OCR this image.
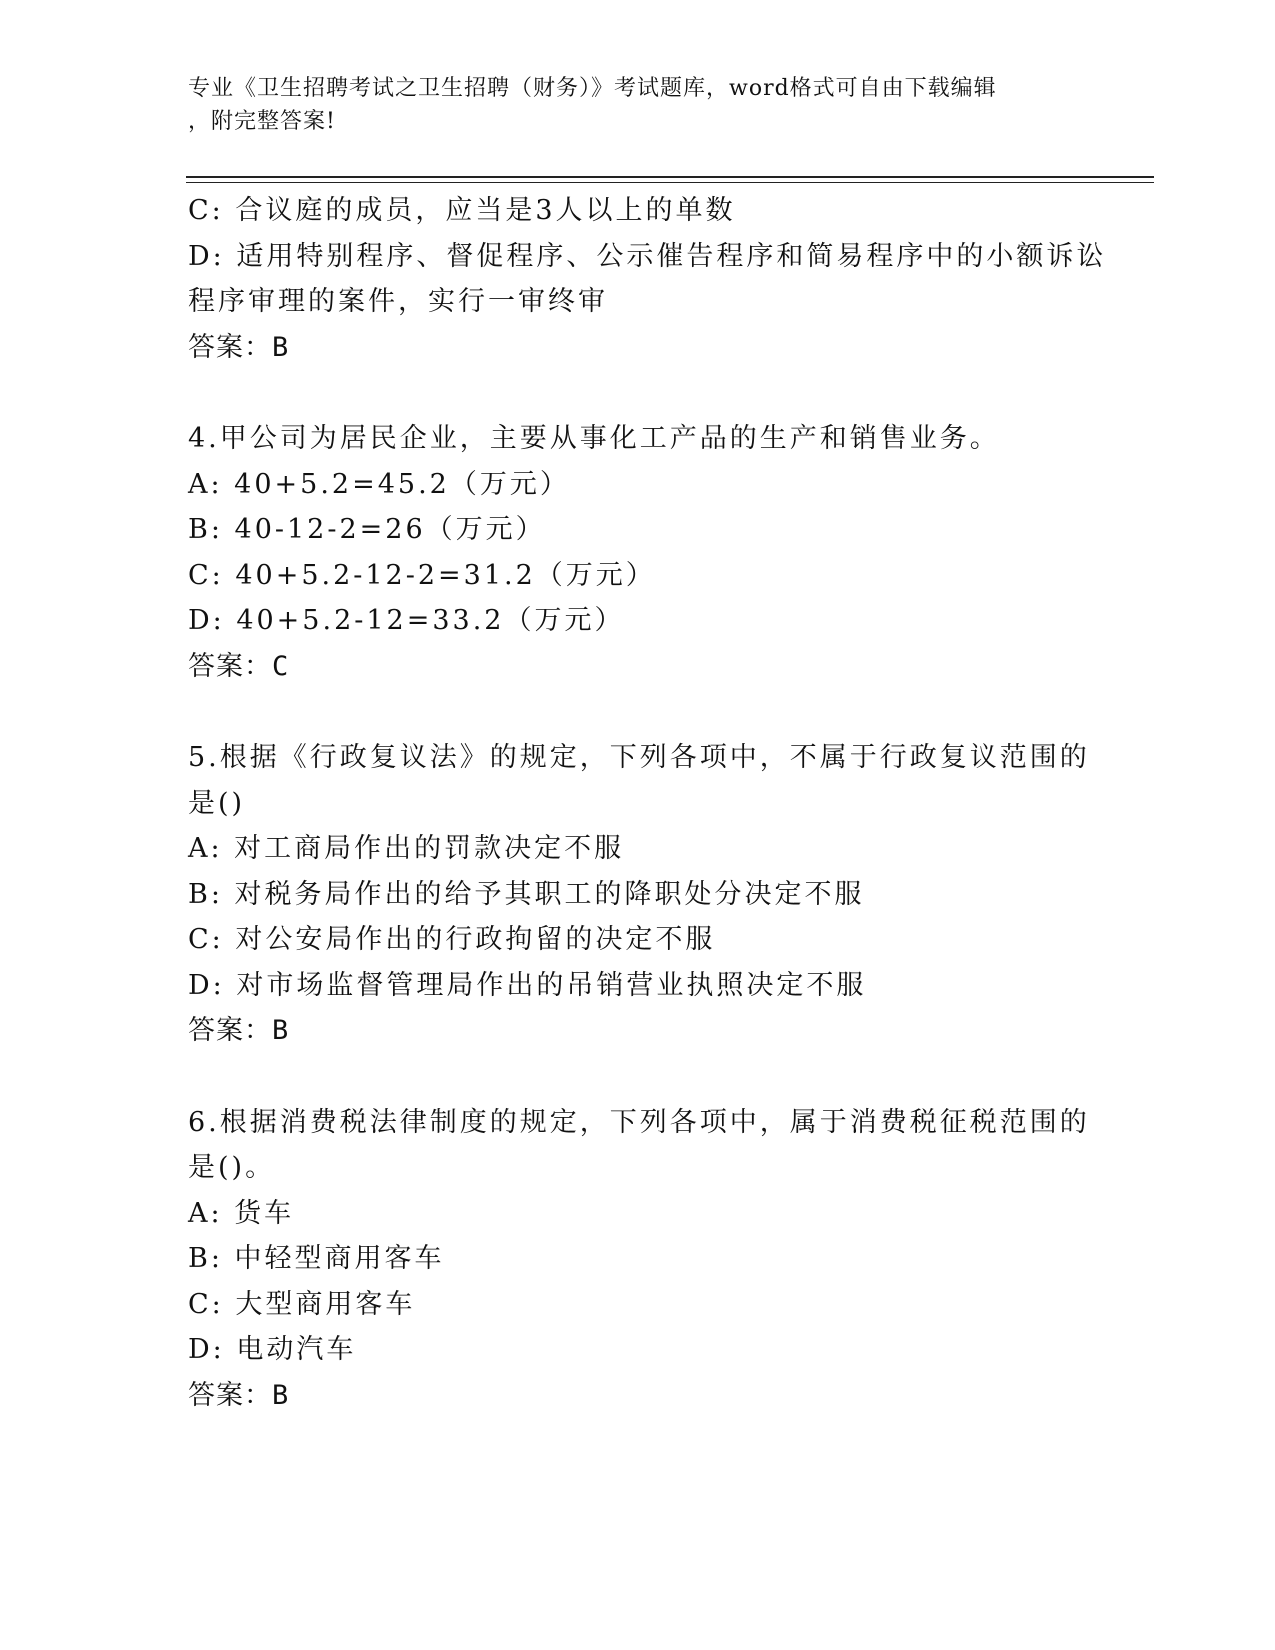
专业《卫生招聘考试之卫生招聘（财务）》考试题库，word格式可自由下载编辑
，附完整答案!
C: 合议庭的成员，应当是3人以上的单数
D: 适用特别程序、督促程序、公示催告程序和简易程序中的小额诉讼
程序审理的案件，实行一审终审
答案：B
4.甲公司为居民企业，主要从事化工产品的生产和销售业务。
A: 40+5.2=45.2（万元）
B: 40-12-2=26（万元）
C: 40+5.2-12-2=31.2（万元）
D: 40+5.2-12=33.2（万元）
答案：C
5.根据《行政复议法》的规定，下列各项中，不属于行政复议范围的
是()
A: 对工商局作出的罚款决定不服
B: 对税务局作出的给予其职工的降职处分决定不服
C: 对公安局作出的行政拘留的决定不服
D: 对市场监督管理局作出的吊销营业执照决定不服
答案：B
6.根据消费税法律制度的规定，下列各项中，属于消费税征税范围的
是()。
A: 货车
B: 中轻型商用客车
C: 大型商用客车
D: 电动汽车
答案：B
